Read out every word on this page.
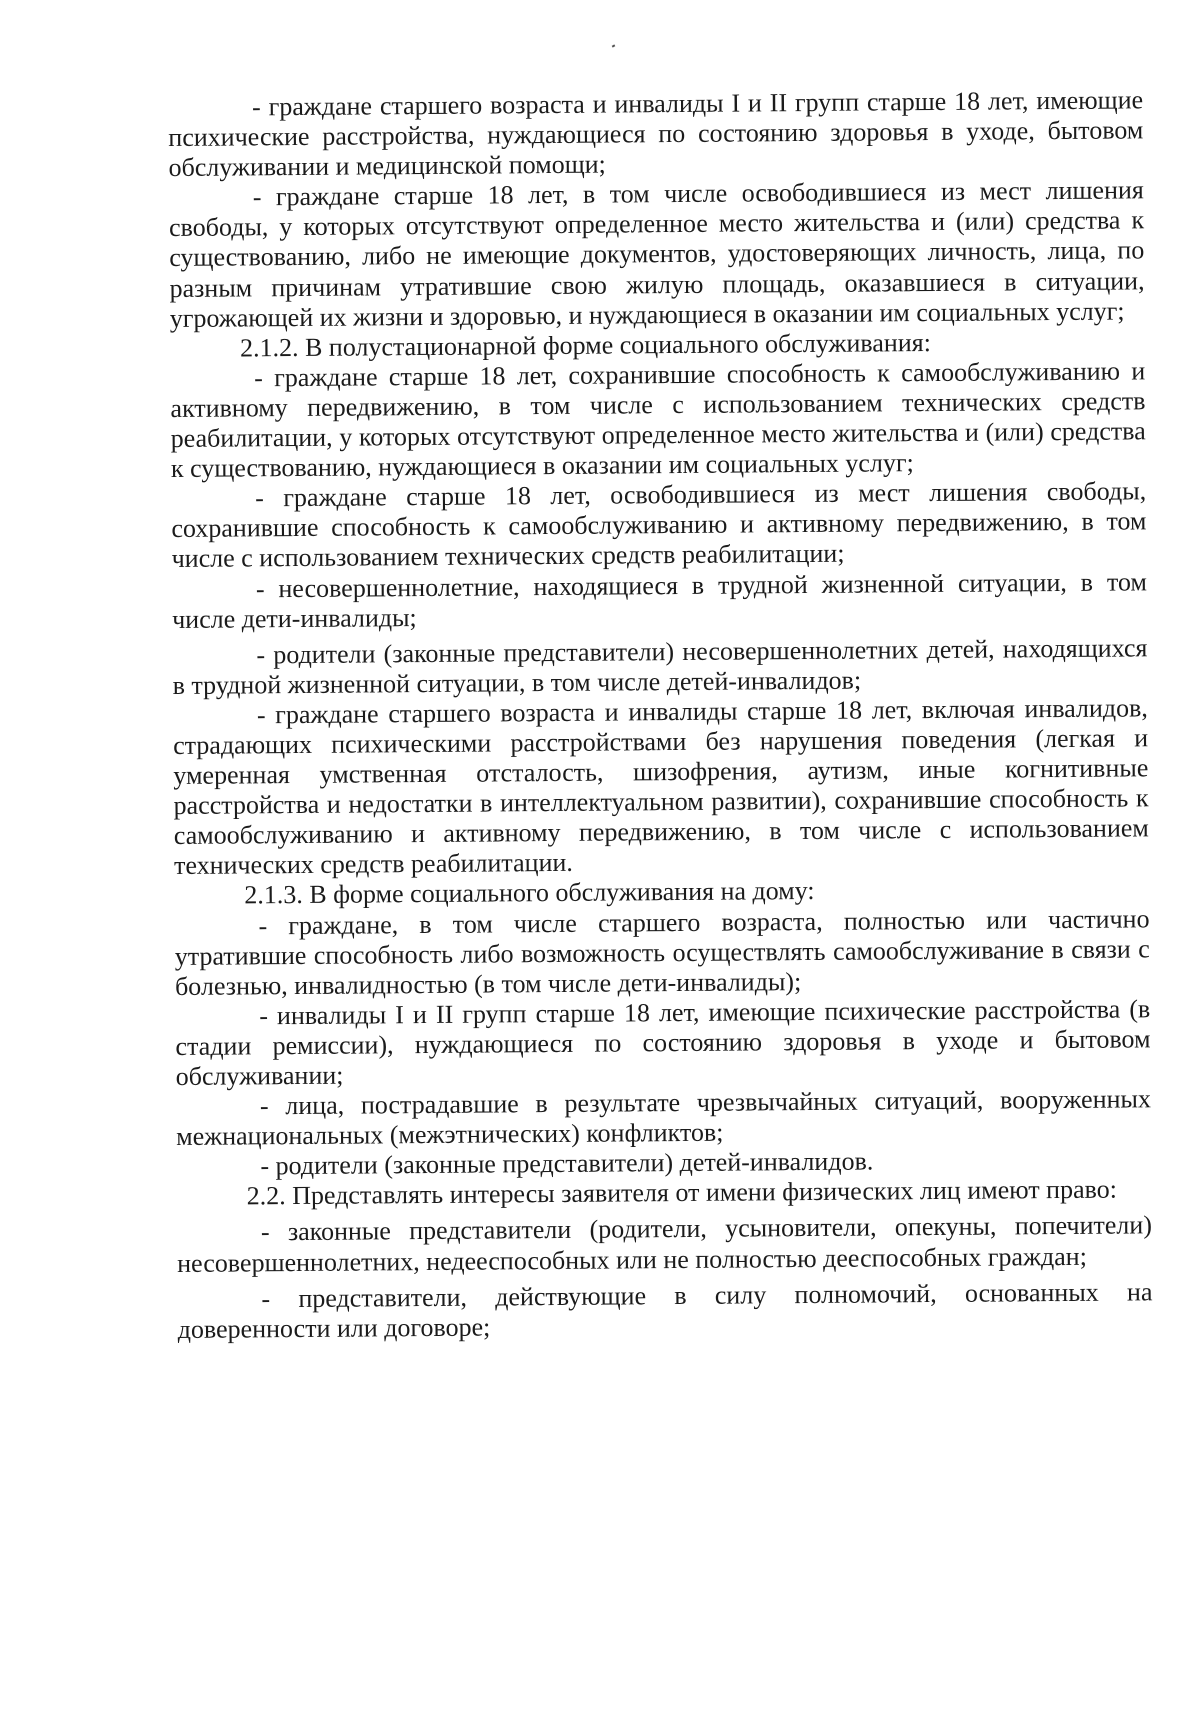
- граждане старшего возраста и инвалиды I и II групп старше 18 лет, имеющие психические расстройства, нуждающиеся по состоянию здоровья в уходе, бытовом обслуживании и медицинской помощи;

- граждане старше 18 лет, в том числе освободившиеся из мест лишения свободы, у которых отсутствуют определенное место жительства и (или) средства к существованию, либо не имеющие документов, удостоверяющих личность, лица, по разным причинам утратившие свою жилую площадь, оказавшиеся в ситуации, угрожающей их жизни и здоровью, и нуждающиеся в оказании им социальных услуг;

2.1.2. В полустационарной форме социального обслуживания:

- граждане старше 18 лет, сохранившие способность к самообслуживанию и активному передвижению, в том числе с использованием технических средств реабилитации, у которых отсутствуют определенное место жительства и (или) средства к существованию, нуждающиеся в оказании им социальных услуг;

- граждане старше 18 лет, освободившиеся из мест лишения свободы, сохранившие способность к самообслуживанию и активному передвижению, в том числе с использованием технических средств реабилитации;

- несовершеннолетние, находящиеся в трудной жизненной ситуации, в том числе дети-инвалиды;

- родители (законные представители) несовершеннолетних детей, находящихся в трудной жизненной ситуации, в том числе детей-инвалидов;

- граждане старшего возраста и инвалиды старше 18 лет, включая инвалидов, страдающих психическими расстройствами без нарушения поведения (легкая и умеренная умственная отсталость, шизофрения, аутизм, иные когнитивные расстройства и недостатки в интеллектуальном развитии), сохранившие способность к самообслуживанию и активному передвижению, в том числе с использованием технических средств реабилитации.

2.1.3. В форме социального обслуживания на дому:

- граждане, в том числе старшего возраста, полностью или частично утратившие способность либо возможность осуществлять самообслуживание в связи с болезнью, инвалидностью (в том числе дети-инвалиды);

- инвалиды I и II групп старше 18 лет, имеющие психические расстройства (в стадии ремиссии), нуждающиеся по состоянию здоровья в уходе и бытовом обслуживании;

- лица, пострадавшие в результате чрезвычайных ситуаций, вооруженных межнациональных (межэтнических) конфликтов;

- родители (законные представители) детей-инвалидов.

2.2. Представлять интересы заявителя от имени физических лиц имеют право:

- законные представители (родители, усыновители, опекуны, попечители) несовершеннолетних, недееспособных или не полностью дееспособных граждан;

- представители, действующие в силу полномочий, основанных на доверенности или договоре;
